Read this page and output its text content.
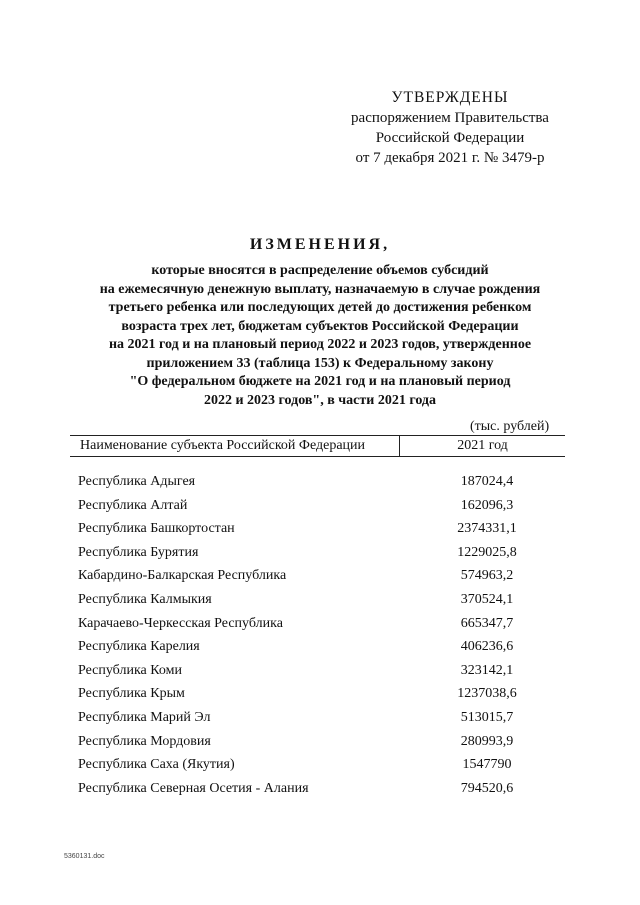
УТВЕРЖДЕНЫ
распоряжением Правительства
Российской Федерации
от 7 декабря 2021 г. № 3479-р
ИЗМЕНЕНИЯ,
которые вносятся в распределение объемов субсидий
на ежемесячную денежную выплату, назначаемую в случае рождения
третьего ребенка или последующих детей до достижения ребенком
возраста трех лет, бюджетам субъектов Российской Федерации
на 2021 год и на плановый период 2022 и 2023 годов, утвержденное
приложением 33 (таблица 153) к Федеральному закону
"О федеральном бюджете на 2021 год и на плановый период
2022 и 2023 годов", в части 2021 года
(тыс. рублей)
Наименование субъекта Российской Федерации	2021 год
Республика Адыгея	187024,4
Республика Алтай	162096,3
Республика Башкортостан	2374331,1
Республика Бурятия	1229025,8
Кабардино-Балкарская Республика	574963,2
Республика Калмыкия	370524,1
Карачаево-Черкесская Республика	665347,7
Республика Карелия	406236,6
Республика Коми	323142,1
Республика Крым	1237038,6
Республика Марий Эл	513015,7
Республика Мордовия	280993,9
Республика Саха (Якутия)	1547790
Республика Северная Осетия - Алания	794520,6
5360131.doc
